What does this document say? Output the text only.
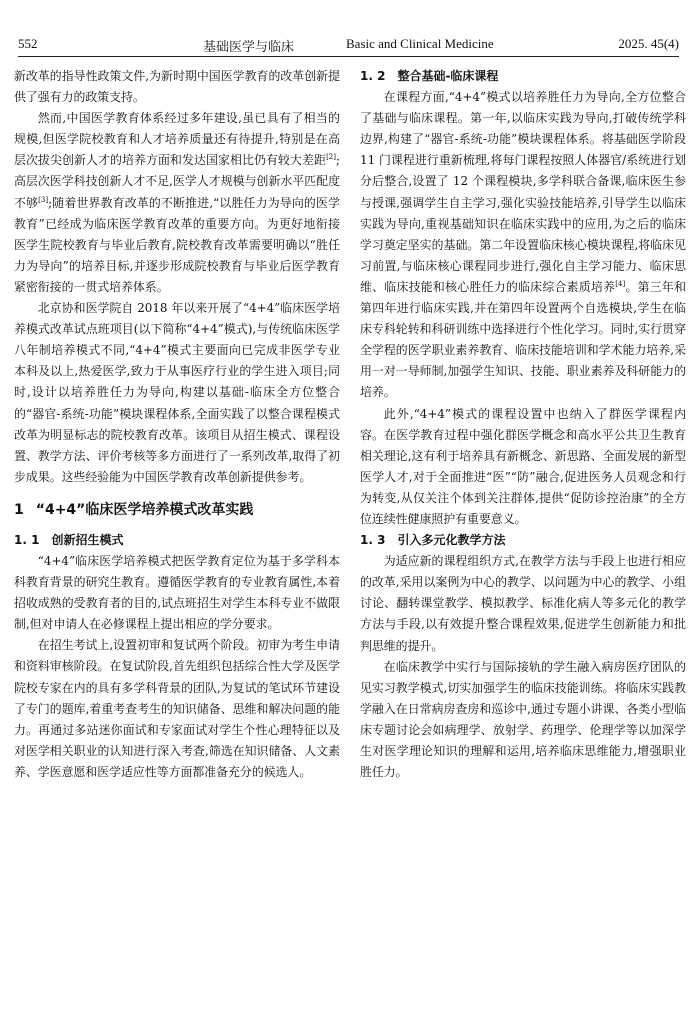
552	基础医学与临床	Basic and Clinical Medicine	2025. 45(4)

新改革的指导性政策文件,为新时期中国医学教育的改革创新提供了强有力的政策支持。

然而,中国医学教育体系经过多年建设,虽已具有了相当的规模,但医学院校教育和人才培养质量还有待提升,特别是在高层次拔尖创新人才的培养方面和发达国家相比仍有较大差距[2];高层次医学科技创新人才不足,医学人才规模与创新水平匹配度不够[3];随着世界教育改革的不断推进,“以胜任力为导向的医学教育”已经成为临床医学教育改革的重要方向。为更好地衔接医学生院校教育与毕业后教育,院校教育改革需要明确以“胜任力为导向”的培养目标,并逐步形成院校教育与毕业后医学教育紧密衔接的一贯式培养体系。

北京协和医学院自 2018 年以来开展了“4+4”临床医学培养模式改革试点班项目(以下简称“4+4”模式),与传统临床医学八年制培养模式不同,“4+4”模式主要面向已完成非医学专业本科及以上,热爱医学,致力于从事医疗行业的学生进入项目;同时,设计以培养胜任力为导向,构建以基础-临床全方位整合的“器官-系统-功能”模块课程体系,全面实践了以整合课程模式改革为明显标志的院校教育改革。该项目从招生模式、课程设置、教学方法、评价考核等多方面进行了一系列改革,取得了初步成果。这些经验能为中国医学教育改革创新提供参考。

1 “4+4”临床医学培养模式改革实践
1. 1 创新招生模式

“4+4”临床医学培养模式把医学教育定位为基于多学科本科教育背景的研究生教育。遵循医学教育的专业教育属性,本着招收成熟的受教育者的目的,试点班招生对学生本科专业不做限制,但对申请人在必修课程上提出相应的学分要求。

在招生考试上,设置初审和复试两个阶段。初审为考生申请和资料审核阶段。在复试阶段,首先组织包括综合性大学及医学院校专家在内的具有多学科背景的团队,为复试的笔试环节建设了专门的题库,着重考查考生的知识储备、思维和解决问题的能力。再通过多站迷你面试和专家面试对学生个性心理特征以及对医学相关职业的认知进行深入考查,筛选在知识储备、人文素养、学医意愿和医学适应性等方面都准备充分的候选人。

1. 2 整合基础-临床课程

在课程方面,“4+4”模式以培养胜任力为导向,全方位整合了基础与临床课程。第一年,以临床实践为导向,打破传统学科边界,构建了“器官-系统-功能”模块课程体系。将基础医学阶段 11 门课程进行重新梳理,将每门课程按照人体器官/系统进行划分后整合,设置了 12 个课程模块,多学科联合备课,临床医生参与授课,强调学生自主学习,强化实验技能培养,引导学生以临床实践为导向,重视基础知识在临床实践中的应用,为之后的临床学习奠定坚实的基础。第二年设置临床核心模块课程,将临床见习前置,与临床核心课程同步进行,强化自主学习能力、临床思维、临床技能和核心胜任力的临床综合素质培养[4]。第三年和第四年进行临床实践,并在第四年设置两个自选模块,学生在临床专科轮转和科研训练中选择进行个性化学习。同时,实行贯穿全学程的医学职业素养教育、临床技能培训和学术能力培养,采用一对一导师制,加强学生知识、技能、职业素养及科研能力的培养。

此外,“4+4”模式的课程设置中也纳入了群医学课程内容。在医学教育过程中强化群医学概念和高水平公共卫生教育相关理论,这有利于培养具有新概念、新思路、全面发展的新型医学人才,对于全面推进“医”“防”融合,促进医务人员观念和行为转变,从仅关注个体到关注群体,提供“促防诊控治康”的全方位连续性健康照护有重要意义。

1. 3 引入多元化教学方法

为适应新的课程组织方式,在教学方法与手段上也进行相应的改革,采用以案例为中心的教学、以问题为中心的教学、小组讨论、翻转课堂教学、模拟教学、标准化病人等多元化的教学方法与手段,以有效提升整合课程效果,促进学生创新能力和批判思维的提升。

在临床教学中实行与国际接轨的学生融入病房医疗团队的见实习教学模式,切实加强学生的临床技能训练。将临床实践教学融入在日常病房查房和巡诊中,通过专题小讲课、各类小型临床专题讨论会如病理学、放射学、药理学、伦理学等以加深学生对医学理论知识的理解和运用,培养临床思维能力,增强职业胜任力。
